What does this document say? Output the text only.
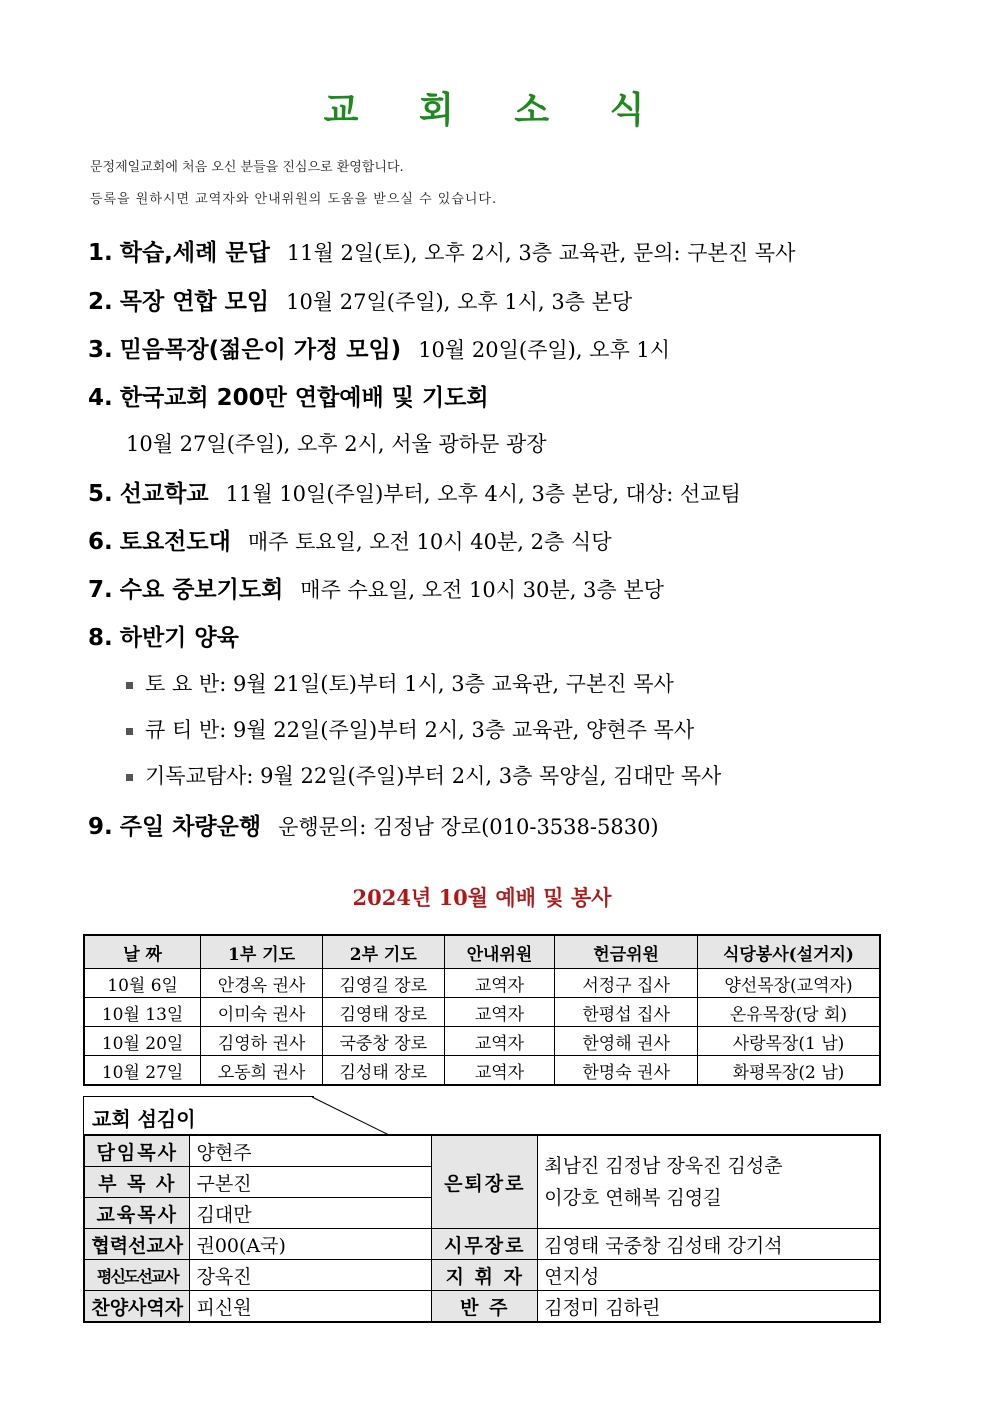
교 회 소 식
문정제일교회에 처음 오신 분들을 진심으로 환영합니다.
등록을 원하시면 교역자와 안내위원의 도움을 받으실 수 있습니다.
1. 학습,세례 문답 11월 2일(토), 오후 2시, 3층 교육관, 문의: 구본진 목사
2. 목장 연합 모임 10월 27일(주일), 오후 1시, 3층 본당
3. 믿음목장(젊은이 가정 모임) 10월 20일(주일), 오후 1시
4. 한국교회 200만 연합예배 및 기도회
10월 27일(주일), 오후 2시, 서울 광하문 광장
5. 선교학교 11월 10일(주일)부터, 오후 4시, 3층 본당, 대상: 선교팀
6. 토요전도대 매주 토요일, 오전 10시 40분, 2층 식당
7. 수요 중보기도회 매주 수요일, 오전 10시 30분, 3층 본당
8. 하반기 양육
토 요 반: 9월 21일(토)부터 1시, 3층 교육관, 구본진 목사
큐 티 반: 9월 22일(주일)부터 2시, 3층 교육관, 양현주 목사
기독교탐사: 9월 22일(주일)부터 2시, 3층 목양실, 김대만 목사
9. 주일 차량운행 운행문의: 김정남 장로(010-3538-5830)
2024년 10월 예배 및 봉사
날 짜	1부 기도	2부 기도	안내위원	헌금위원	식당봉사(설거지)
10월 6일	안경옥 권사	김영길 장로	교역자	서정구 집사	양선목장(교역자)
10월 13일	이미숙 권사	김영태 장로	교역자	한평섭 집사	온유목장(당 회)
10월 20일	김영하 권사	국중창 장로	교역자	한영해 권사	사랑목장(1 남)
10월 27일	오동희 권사	김성태 장로	교역자	한명숙 권사	화평목장(2 남)
교회 섬김이
담임목사	양현주	은퇴장로	최남진 김정남 장욱진 김성춘
이강호 연해복 김영길

부 목 사	구본진		
교육목사	김대만		
협력선교사	권00(A국)	시무장로	김영태 국중창 김성태 강기석
평신도선교사	장욱진	지 휘 자	연지성
찬양사역자	피신원	반 주	김정미 김하린
